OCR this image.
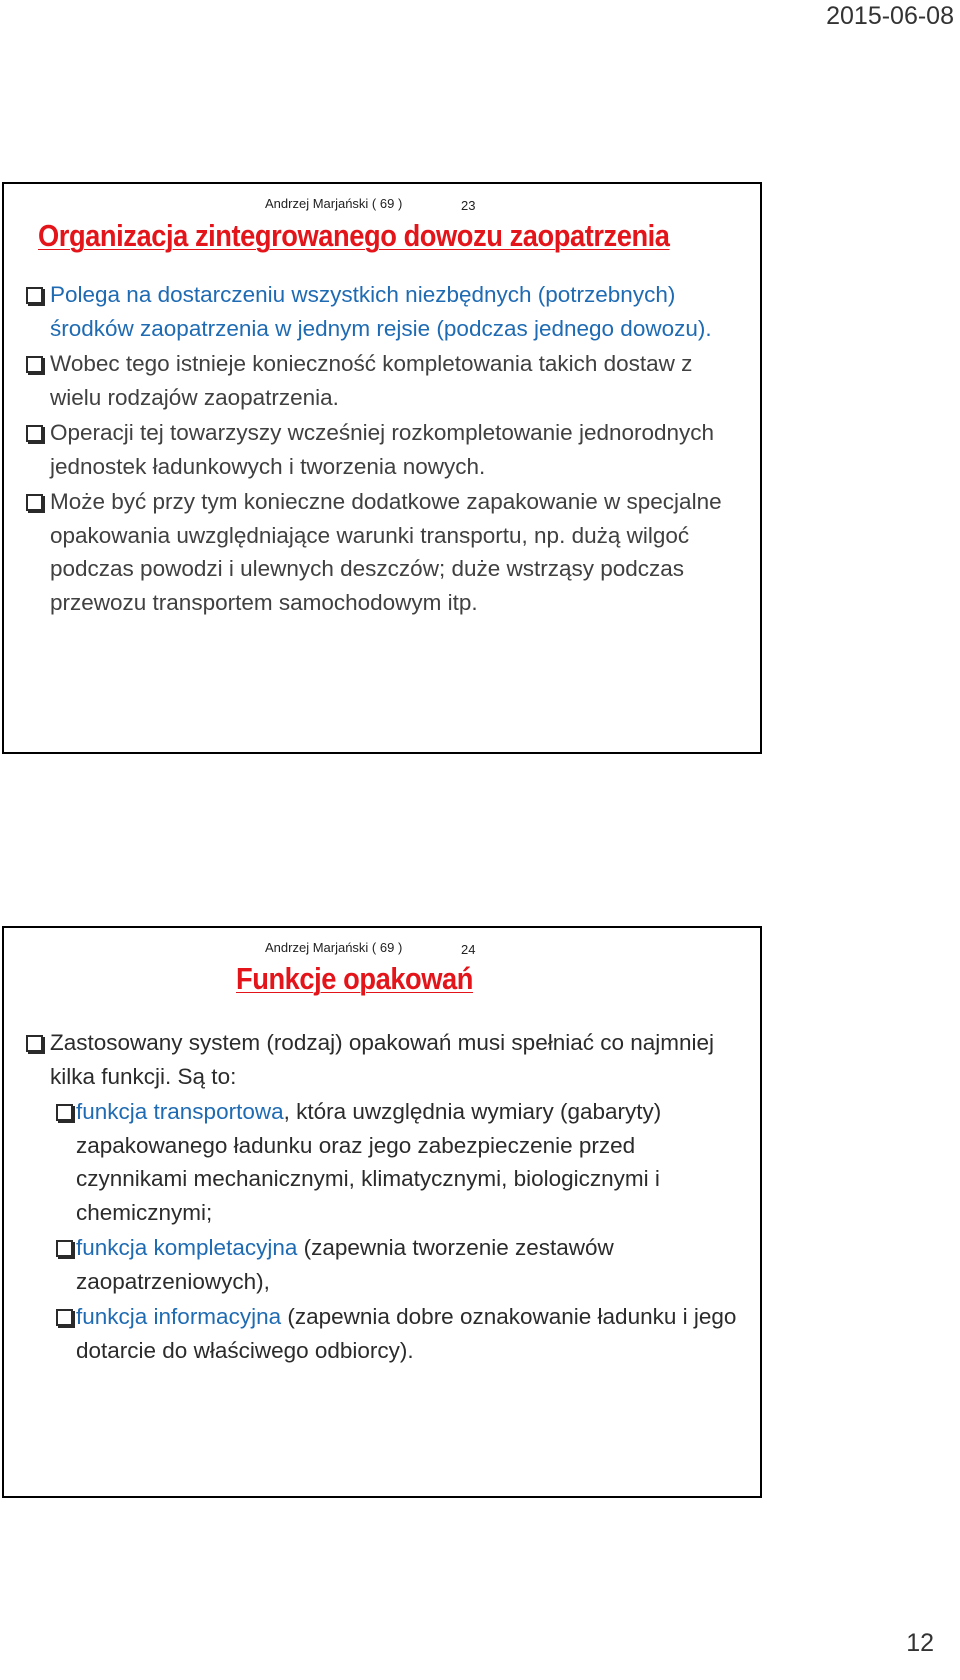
2015-06-08
Andrzej Marjański ( 69 )	23
Organizacja zintegrowanego dowozu zaopatrzenia
Polega na dostarczeniu wszystkich niezbędnych (potrzebnych) środków zaopatrzenia w jednym rejsie (podczas jednego dowozu).
Wobec tego istnieje konieczność kompletowania takich dostaw z wielu rodzajów zaopatrzenia.
Operacji tej towarzyszy wcześniej rozkompletowanie jednorodnych jednostek ładunkowych i tworzenia nowych.
Może być przy tym konieczne dodatkowe zapakowanie w specjalne opakowania uwzględniające warunki transportu, np. dużą wilgoć podczas powodzi i ulewnych deszczów; duże wstrząsy podczas przewozu transportem samochodowym itp.
Andrzej Marjański ( 69 )	24
Funkcje opakowań
Zastosowany system (rodzaj) opakowań musi spełniać co najmniej kilka funkcji. Są to:
funkcja transportowa, która uwzględnia wymiary (gabaryty) zapakowanego ładunku oraz jego zabezpieczenie przed czynnikami mechanicznymi, klimatycznymi, biologicznymi i chemicznymi;
funkcja kompletacyjna (zapewnia tworzenie zestawów zaopatrzeniowych),
funkcja informacyjna (zapewnia dobre oznakowanie ładunku i jego dotarcie do właściwego odbiorcy).
12
